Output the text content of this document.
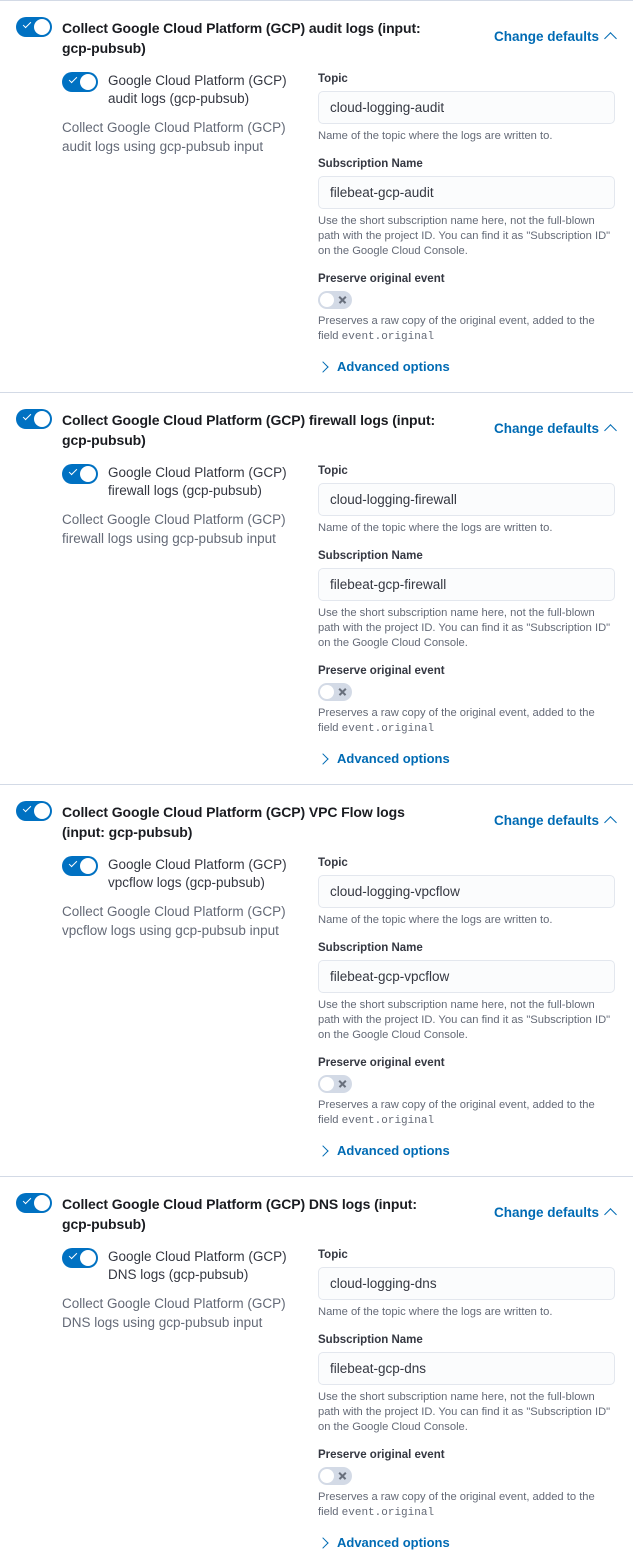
Collect Google Cloud Platform (GCP) audit logs (input: gcp-pubsub)
Change defaults
Google Cloud Platform (GCP) audit logs (gcp-pubsub)
Collect Google Cloud Platform (GCP) audit logs using gcp-pubsub input
Topic
cloud-logging-audit
Name of the topic where the logs are written to.
Subscription Name
filebeat-gcp-audit
Use the short subscription name here, not the full-blown path with the project ID. You can find it as "Subscription ID" on the Google Cloud Console.
Preserve original event
Preserves a raw copy of the original event, added to the field event.original
Advanced options
Collect Google Cloud Platform (GCP) firewall logs (input: gcp-pubsub)
Change defaults
Google Cloud Platform (GCP) firewall logs (gcp-pubsub)
Collect Google Cloud Platform (GCP) firewall logs using gcp-pubsub input
Topic
cloud-logging-firewall
Name of the topic where the logs are written to.
Subscription Name
filebeat-gcp-firewall
Use the short subscription name here, not the full-blown path with the project ID. You can find it as "Subscription ID" on the Google Cloud Console.
Preserve original event
Preserves a raw copy of the original event, added to the field event.original
Advanced options
Collect Google Cloud Platform (GCP) VPC Flow logs (input: gcp-pubsub)
Change defaults
Google Cloud Platform (GCP) vpcflow logs (gcp-pubsub)
Collect Google Cloud Platform (GCP) vpcflow logs using gcp-pubsub input
Topic
cloud-logging-vpcflow
Name of the topic where the logs are written to.
Subscription Name
filebeat-gcp-vpcflow
Use the short subscription name here, not the full-blown path with the project ID. You can find it as "Subscription ID" on the Google Cloud Console.
Preserve original event
Preserves a raw copy of the original event, added to the field event.original
Advanced options
Collect Google Cloud Platform (GCP) DNS logs (input: gcp-pubsub)
Change defaults
Google Cloud Platform (GCP) DNS logs (gcp-pubsub)
Collect Google Cloud Platform (GCP) DNS logs using gcp-pubsub input
Topic
cloud-logging-dns
Name of the topic where the logs are written to.
Subscription Name
filebeat-gcp-dns
Use the short subscription name here, not the full-blown path with the project ID. You can find it as "Subscription ID" on the Google Cloud Console.
Preserve original event
Preserves a raw copy of the original event, added to the field event.original
Advanced options
